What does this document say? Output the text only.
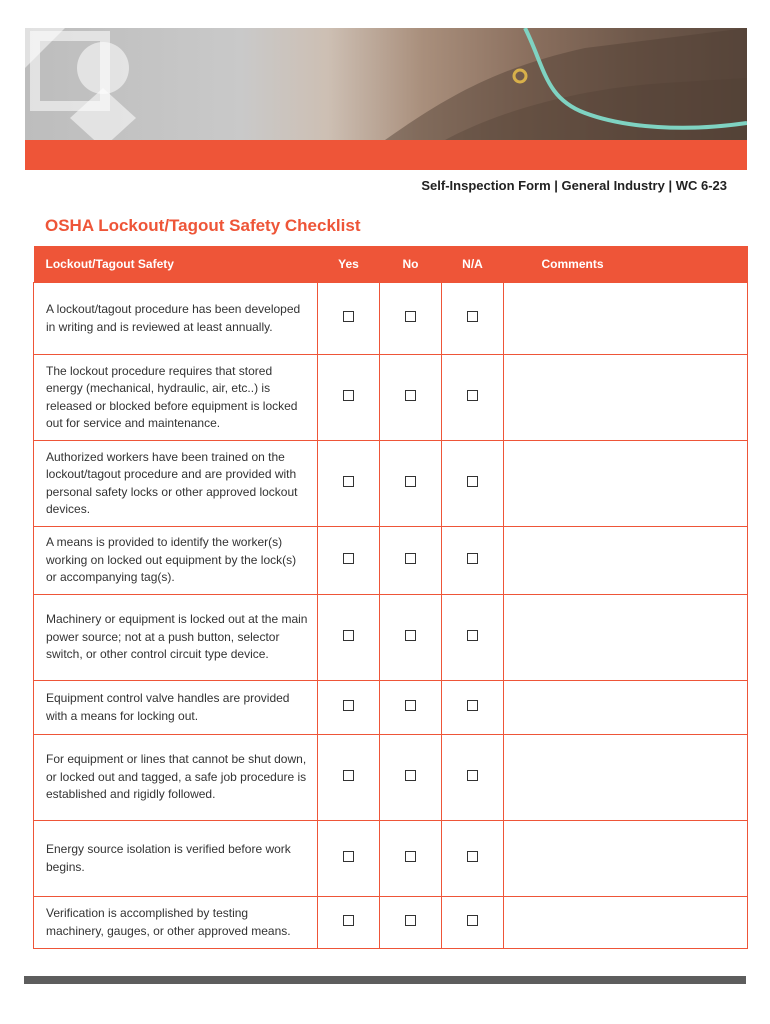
Self-Inspection Form | General Industry | WC 6-23
OSHA Lockout/Tagout Safety Checklist
Lockout/Tagout Safety	Yes	No	N/A	Comments
A lockout/tagout procedure has been developed in writing and is reviewed at least annually.				
The lockout procedure requires that stored energy (mechanical, hydraulic, air, etc..) is released or blocked before equipment is locked out for service and maintenance.				
Authorized workers have been trained on the lockout/tagout procedure and are provided with personal safety locks or other approved lockout devices.				
A means is provided to identify the worker(s) working on locked out equipment by the lock(s) or accompanying tag(s).				
Machinery or equipment is locked out at the main power source; not at a push button, selector switch, or other control circuit type device.				
Equipment control valve handles are provided with a means for locking out.				
For equipment or lines that cannot be shut down, or locked out and tagged, a safe job procedure is established and rigidly followed.				
Energy source isolation is verified before work begins.				
Verification is accomplished by testing machinery, gauges, or other approved means.				
